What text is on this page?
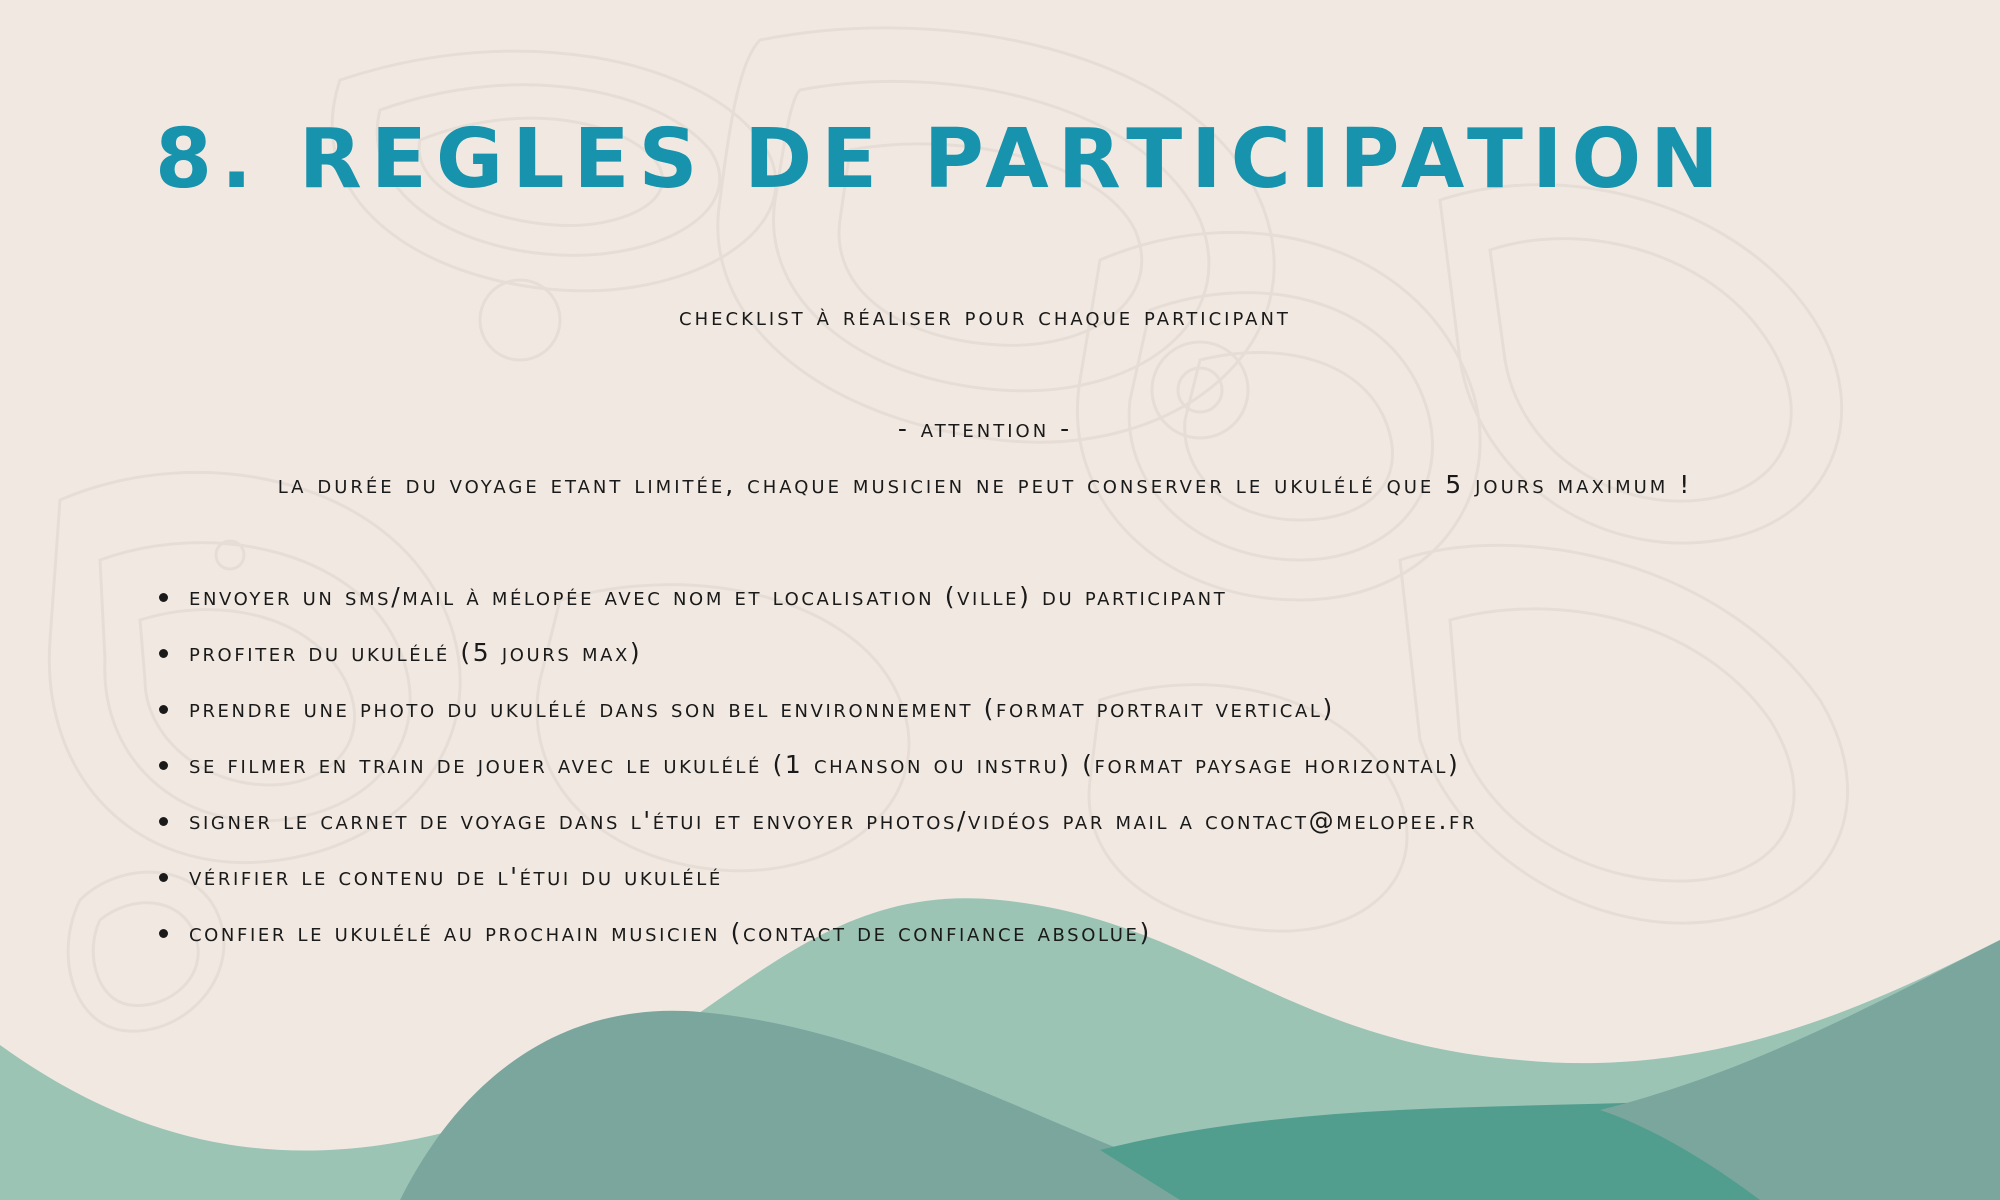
8. REGLES DE PARTICIPATION
checklist à réaliser pour chaque participant
- attention -
la durée du voyage etant limitée, chaque musicien ne peut conserver le ukulélé que 5 jours maximum !
envoyer un sms/mail à mélopée avec nom et localisation (ville) du participant
profiter du ukulélé (5 jours max)
prendre une photo du ukulélé dans son bel environnement (format portrait vertical)
se filmer en train de jouer avec le ukulélé (1 chanson ou instru) (format paysage horizontal)
signer le carnet de voyage dans l'étui et envoyer photos/vidéos par mail a contact@melopee.fr
vérifier le contenu de l'étui du ukulélé
confier le ukulélé au prochain musicien (contact de confiance absolue)
